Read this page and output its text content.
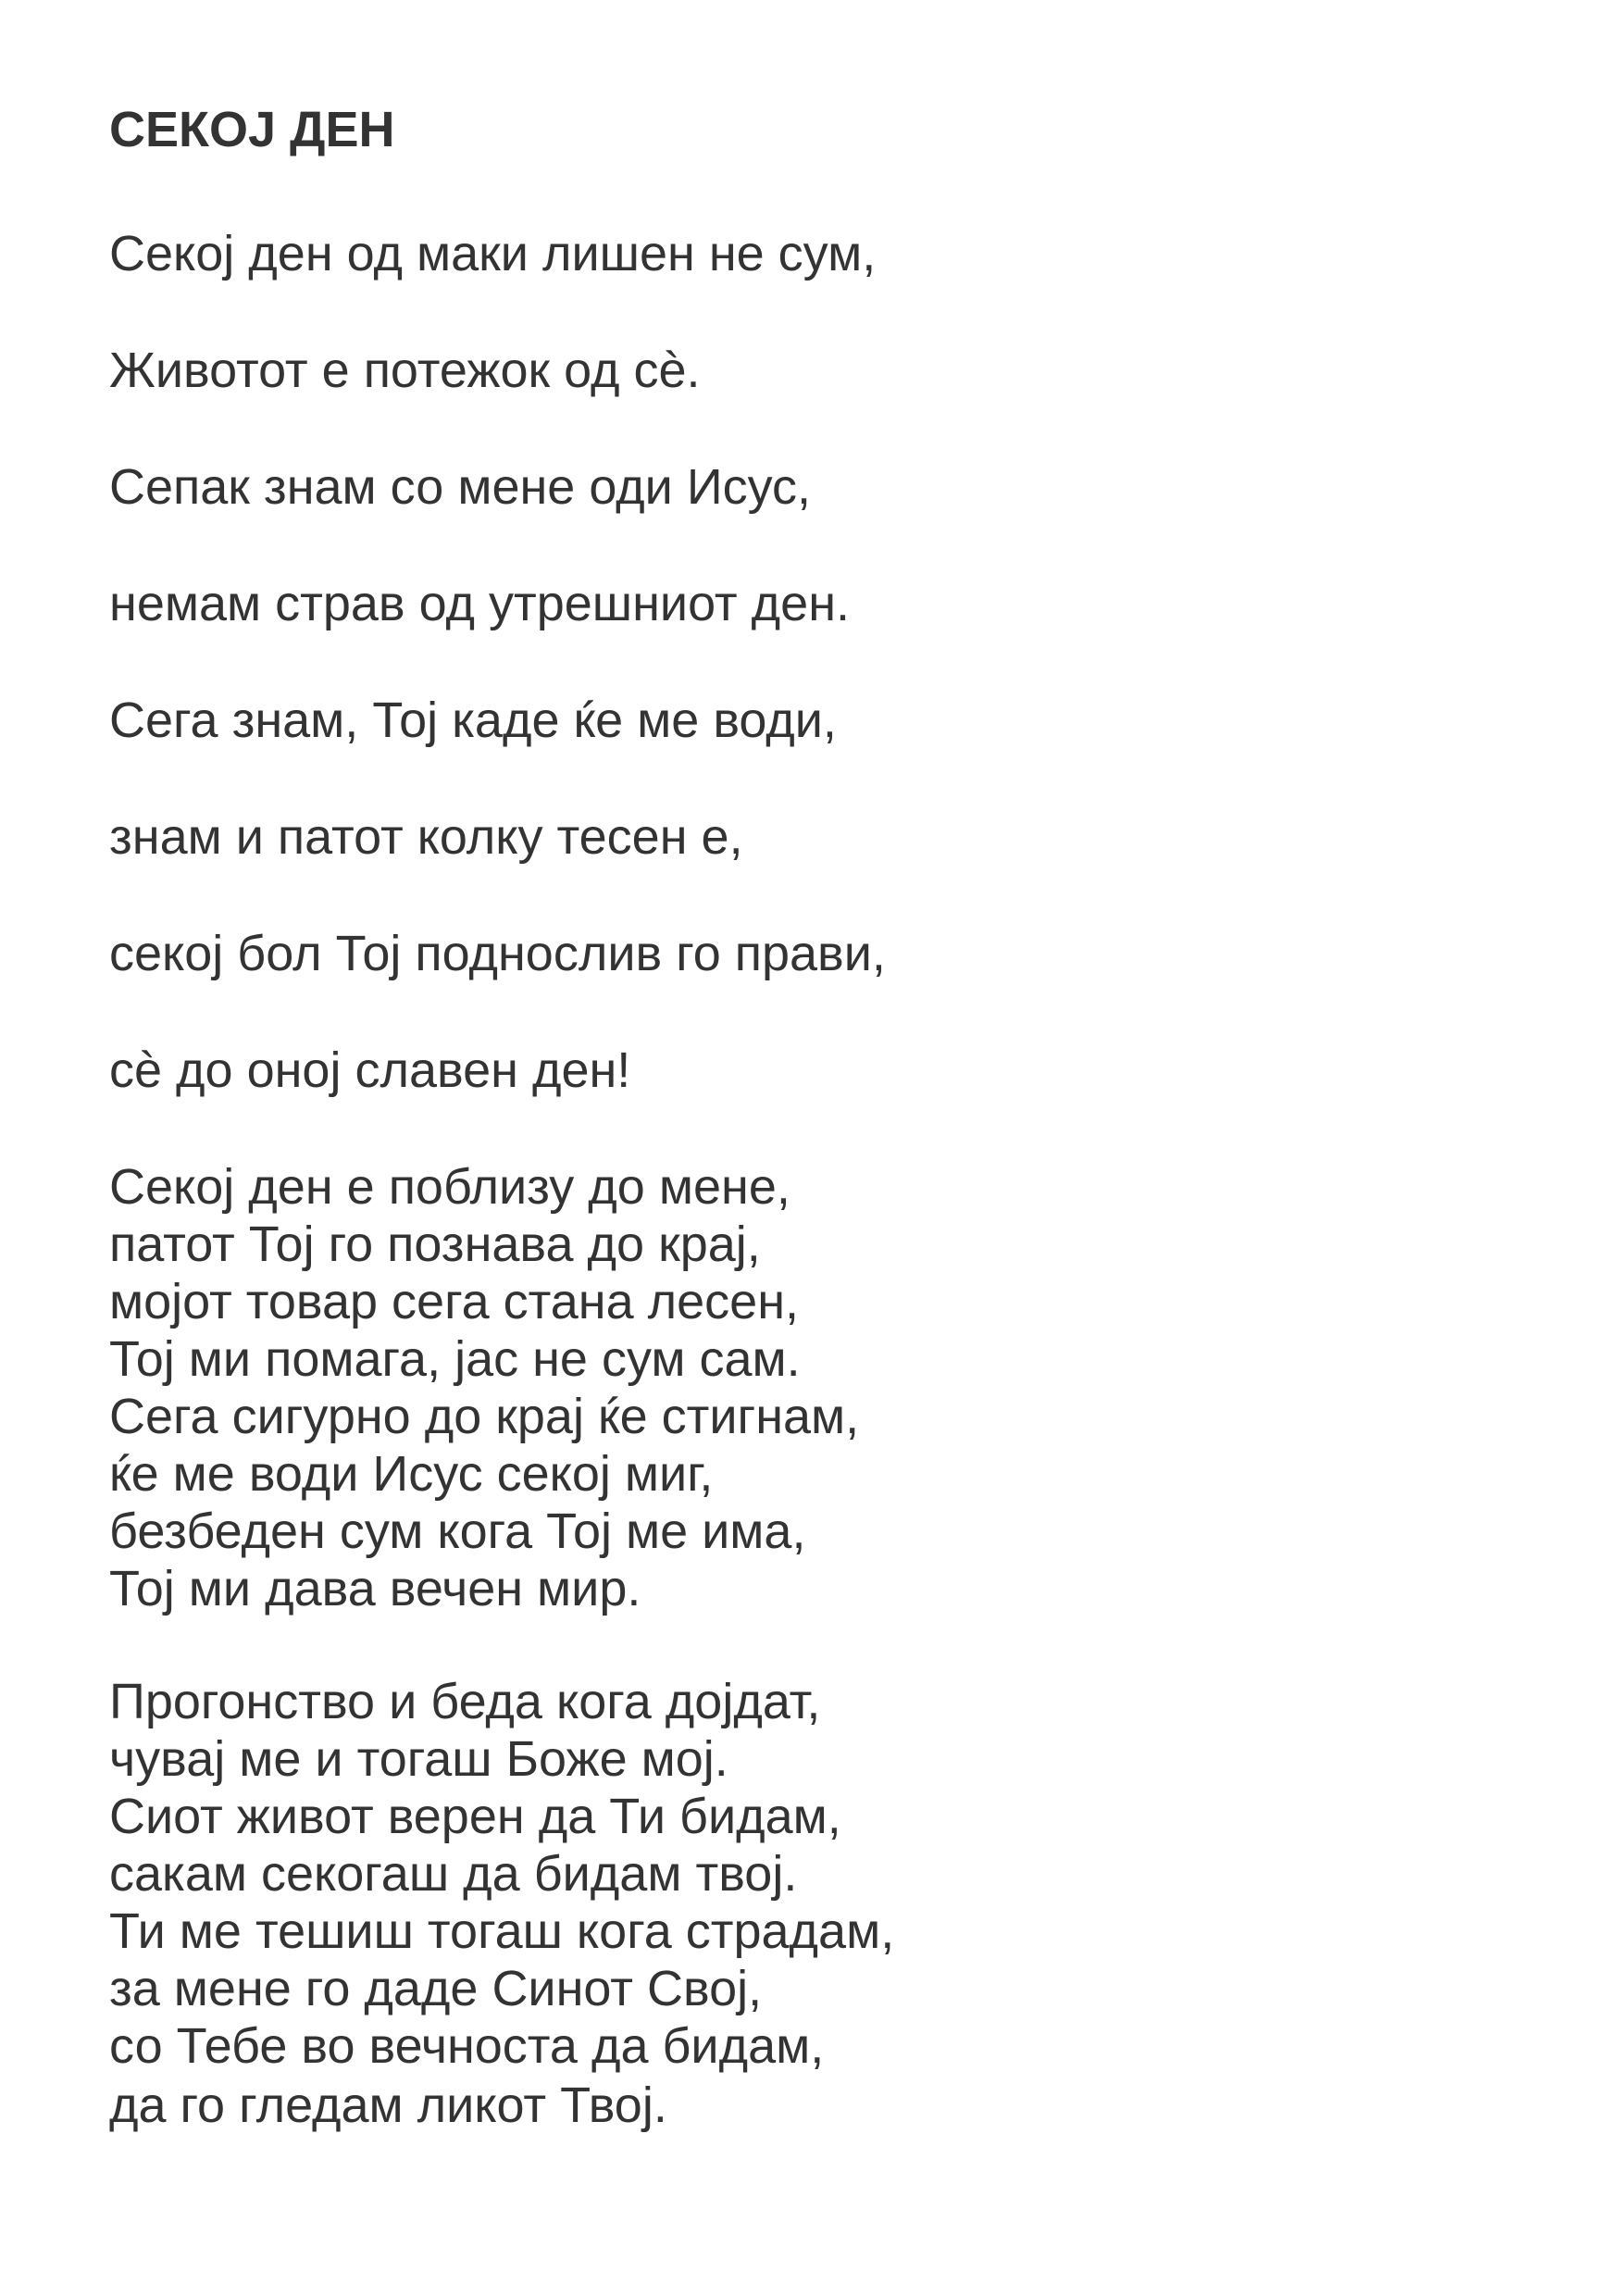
СЕКОЈ ДЕН
Секој ден од маки лишен не сум,
Животот е потежок од сѐ.
Сепак знам со мене оди Исус,
немам страв од утрешниот ден.
Сега знам, Тој каде ќе ме води,
знам и патот колку тесен е,
секој бол Тој поднослив го прави,
сѐ до оној славен ден!
Секој ден е поблизу до мене,
патот Тој го познава до крај,
мојот товар сега стана лесен,
Тој ми помага, јас не сум сам.
Сега сигурно до крај ќе стигнам,
ќе ме води Исус секој миг,
безбеден сум кога Тој ме има,
Тој ми дава вечен мир.
Прогонство и беда кога дојдат,
чувај ме и тогаш Боже мој.
Сиот живот верен да Ти бидам,
сакам секогаш да бидам твој.
Ти ме тешиш тогаш кога страдам,
за мене го даде Синот Свој,
со Тебе во вечноста да бидам,
да го гледам ликот Твој.
